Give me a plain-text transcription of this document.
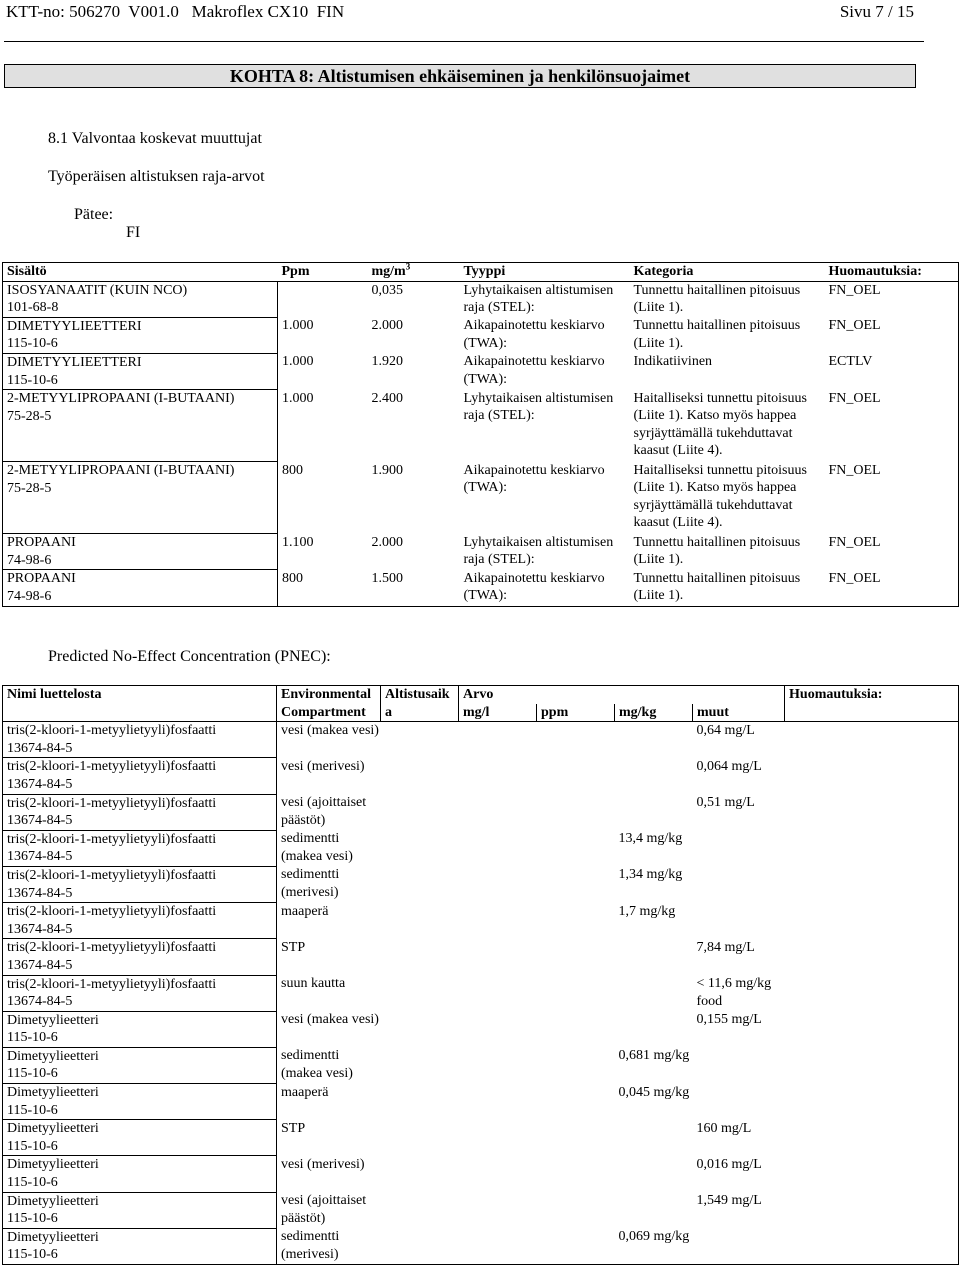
KTT-no: 506270  V001.0   Makroflex CX10  FIN	Sivu 7 / 15
KOHTA 8: Altistumisen ehkäiseminen ja henkilönsuojaimet
8.1 Valvontaa koskevat muuttujat
Työperäisen altistuksen raja-arvot
Pätee:
FI
Sisältö	Ppm	$mg/m^3$	Tyyppi	Kategoria	Huomautuksia:

ISOSYANAATIT (KUIN NCO)
101-68-8		0,035	Lyhytaikaisen altistumisen raja (STEL):	Tunnettu haitallinen pitoisuus (Liite 1).	FN_OEL

DIMETYYLIEETTERI
115-10-6	1.000	2.000	Aikapainotettu keskiarvo (TWA):	Tunnettu haitallinen pitoisuus (Liite 1).	FN_OEL

DIMETYYLIEETTERI
115-10-6	1.000	1.920	Aikapainotettu keskiarvo (TWA):	Indikatiivinen	ECTLV

2-METYYLIPROPAANI (I-BUTAANI)
75-28-5	1.000	2.400	Lyhytaikaisen altistumisen raja (STEL):	Haitalliseksi tunnettu pitoisuus (Liite 1). Katso myös happea syrjäyttämällä tukehduttavat kaasut (Liite 4).	FN_OEL

2-METYYLIPROPAANI (I-BUTAANI)
75-28-5	800	1.900	Aikapainotettu keskiarvo (TWA):	Haitalliseksi tunnettu pitoisuus (Liite 1). Katso myös happea syrjäyttämällä tukehduttavat kaasut (Liite 4).	FN_OEL

PROPAANI
74-98-6	1.100	2.000	Lyhytaikaisen altistumisen raja (STEL):	Tunnettu haitallinen pitoisuus (Liite 1).	FN_OEL

PROPAANI
74-98-6	800	1.500	Aikapainotettu keskiarvo (TWA):	Tunnettu haitallinen pitoisuus (Liite 1).	FN_OEL
Predicted No-Effect Concentration (PNEC):
Nimi luettelosta	Environmental Compartment	Altistusaik a	Arvo				Huomautuksia:
			mg/l	ppm	mg/kg	muut	

tris(2-kloori-1-metyylietyyli)fosfaatti
13674-84-5	vesi (makea vesi)					0,64 mg/L	

tris(2-kloori-1-metyylietyyli)fosfaatti
13674-84-5	vesi (merivesi)					0,064 mg/L	

tris(2-kloori-1-metyylietyyli)fosfaatti
13674-84-5	vesi (ajoittaiset päästöt)					0,51 mg/L	

tris(2-kloori-1-metyylietyyli)fosfaatti
13674-84-5	sedimentti (makea vesi)				13,4 mg/kg		

tris(2-kloori-1-metyylietyyli)fosfaatti
13674-84-5	sedimentti (merivesi)				1,34 mg/kg		

tris(2-kloori-1-metyylietyyli)fosfaatti
13674-84-5	maaperä				1,7 mg/kg		

tris(2-kloori-1-metyylietyyli)fosfaatti
13674-84-5	STP					7,84 mg/L	

tris(2-kloori-1-metyylietyyli)fosfaatti
13674-84-5	suun kautta					< 11,6 mg/kg food	

Dimetyylieetteri
115-10-6	vesi (makea vesi)					0,155 mg/L	

Dimetyylieetteri
115-10-6	sedimentti (makea vesi)				0,681 mg/kg		

Dimetyylieetteri
115-10-6	maaperä				0,045 mg/kg		

Dimetyylieetteri
115-10-6	STP					160 mg/L	

Dimetyylieetteri
115-10-6	vesi (merivesi)					0,016 mg/L	

Dimetyylieetteri
115-10-6	vesi (ajoittaiset päästöt)					1,549 mg/L	

Dimetyylieetteri
115-10-6	sedimentti (merivesi)				0,069 mg/kg		
